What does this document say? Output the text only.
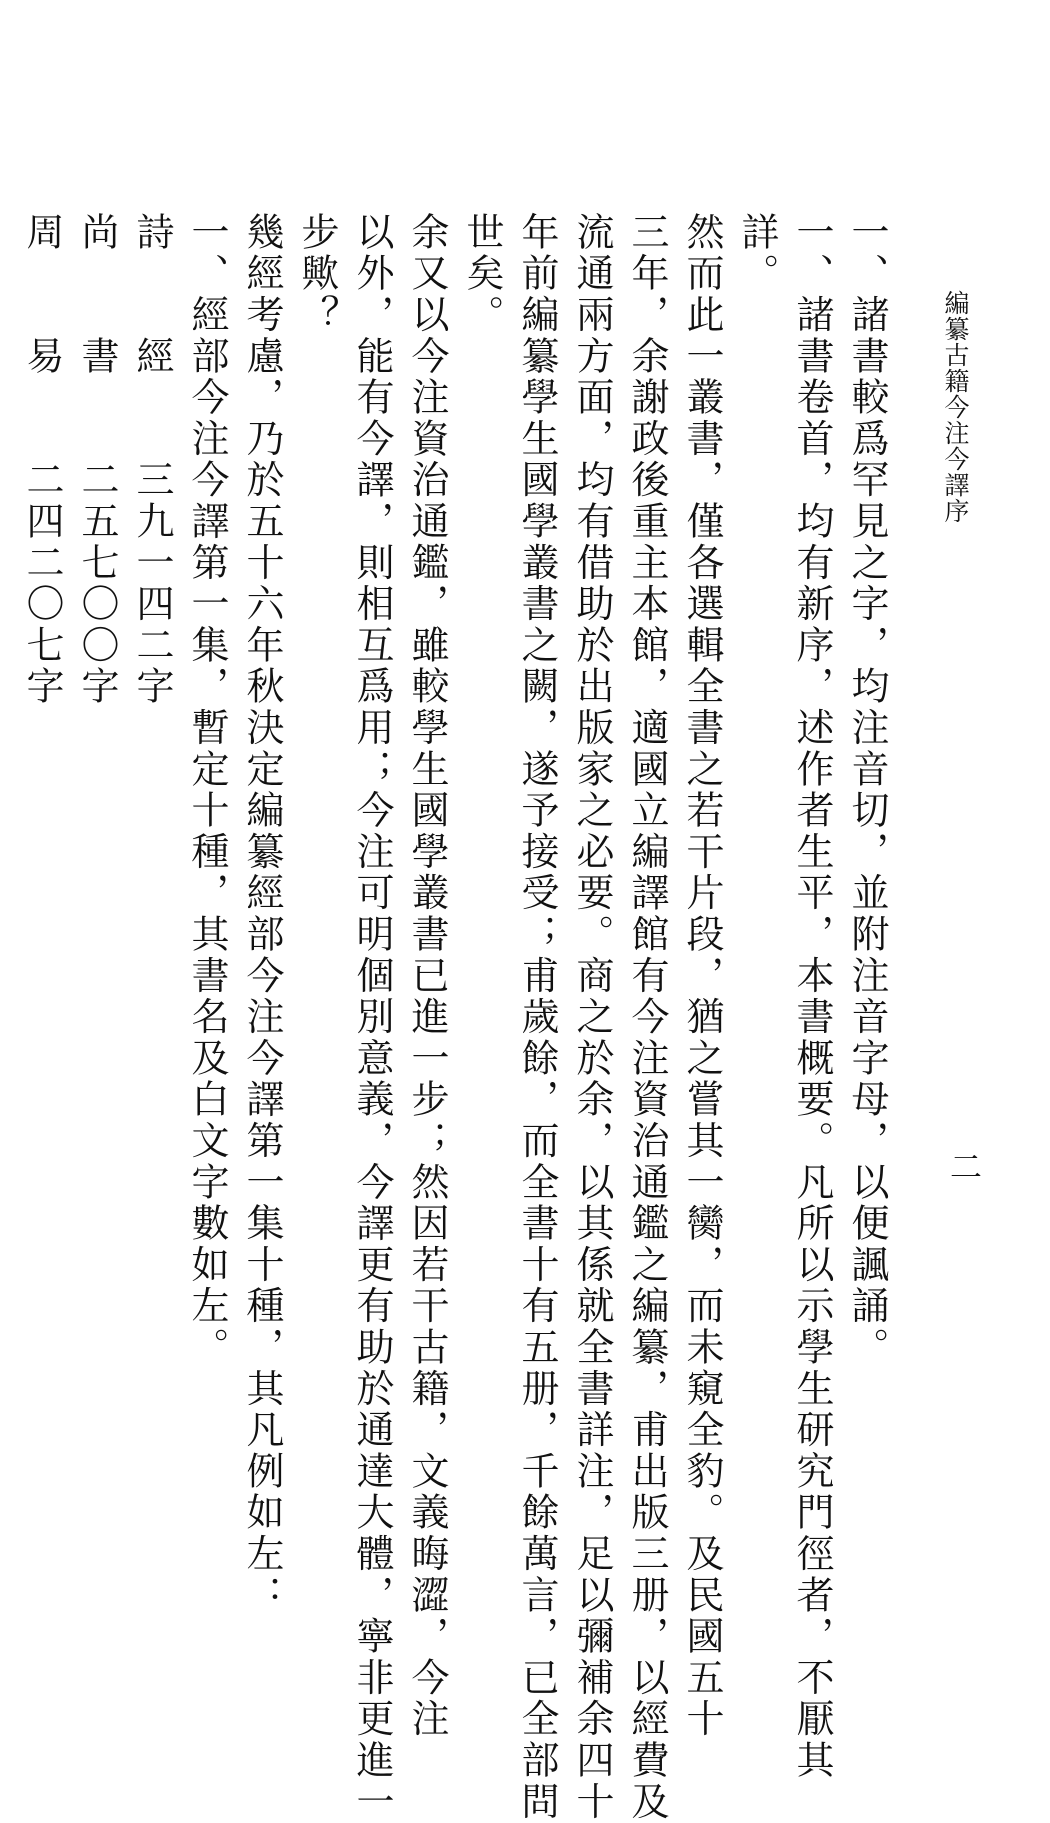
編纂古籍今注今譯序
二
一、諸書較爲罕見之字，均注音切，並附注音字母，以便諷誦。
一、諸書卷首，均有新序，述作者生平，本書概要。凡所以示學生研究門徑者，不厭其
詳。
然而此一叢書，僅各選輯全書之若干片段，猶之嘗其一臠，而未窺全豹。及民國五十
三年，余謝政後重主本館，適國立編譯館有今注資治通鑑之編纂，甫出版三册，以經費及
流通兩方面，均有借助於出版家之必要。商之於余，以其係就全書詳注，足以彌補余四十
年前編纂學生國學叢書之闕，遂予接受；甫歲餘，而全書十有五册，千餘萬言，已全部問
世矣。
余又以今注資治通鑑，雖較學生國學叢書已進一步；然因若干古籍，文義晦澀，今注
以外，能有今譯，則相互爲用；今注可明個別意義，今譯更有助於通達大體，寧非更進一
步歟？
幾經考慮，乃於五十六年秋決定編纂經部今注今譯第一集十種，其凡例如左：
一、經部今注今譯第一集，暫定十種，其書名及白文字數如左。
詩　　經　　三九一四二字
尚　　書　　二五七〇〇字
周　　易　　二四二〇七字
